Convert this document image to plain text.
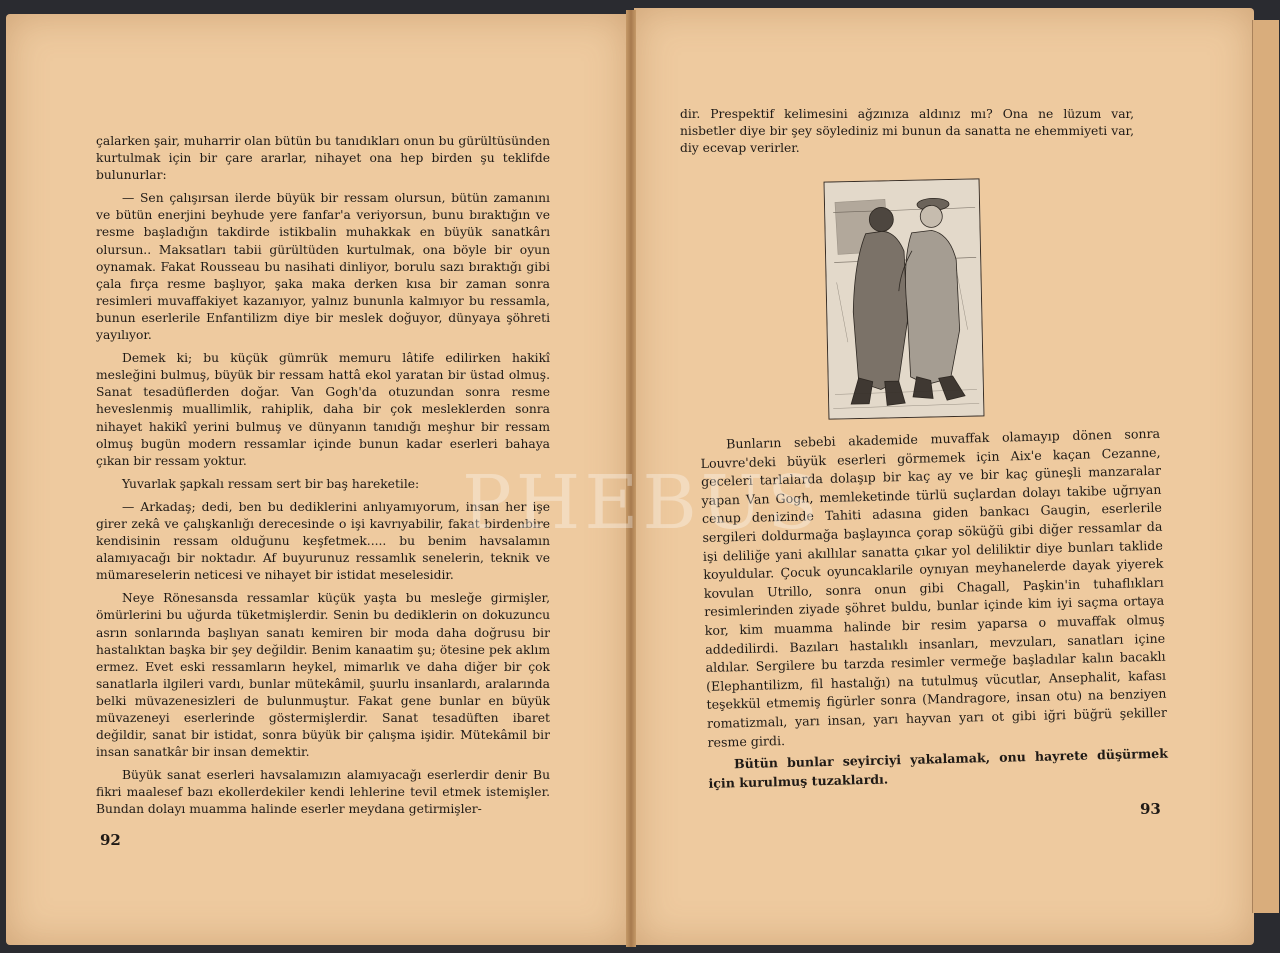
çalarken şair, muharrir olan bütün bu tanıdıkları onun bu gürültüsünden kurtulmak için bir çare ararlar, nihayet ona hep birden şu teklifde bulunurlar:

— Sen çalışırsan ilerde büyük bir ressam olursun, bütün zamanını ve bütün enerjini beyhude yere fanfar'a veriyorsun, bunu bıraktığın ve resme başladığın takdirde istikbalin muhakkak en büyük sanatkârı olursun.. Maksatları tabii gürültüden kurtulmak, ona böyle bir oyun oynamak. Fakat Rousseau bu nasihati dinliyor, borulu sazı bıraktığı gibi çala fırça resme başlıyor, şaka maka derken kısa bir zaman sonra resimleri muvaffakiyet kazanıyor, yalnız bununla kalmıyor bu ressamla, bunun eserlerile Enfantilizm diye bir meslek doğuyor, dünyaya şöhreti yayılıyor.

Demek ki; bu küçük gümrük memuru lâtife edilirken hakikî mesleğini bulmuş, büyük bir ressam hattâ ekol yaratan bir üstad olmuş. Sanat tesadüflerden doğar. Van Gogh'da otuzundan sonra resme heveslenmiş muallimlik, rahiplik, daha bir çok mesleklerden sonra nihayet hakikî yerini bulmuş ve dünyanın tanıdığı meşhur bir ressam olmuş bugün modern ressamlar içinde bunun kadar eserleri bahaya çıkan bir ressam yoktur.

Yuvarlak şapkalı ressam sert bir baş hareketile:

— Arkadaş; dedi, ben bu dediklerini anlıyamıyorum, insan her işe girer zekâ ve çalışkanlığı derecesinde o işi kavrıyabilir, fakat birdenbire kendisinin ressam olduğunu keşfetmek..... bu benim havsalamın alamıyacağı bir noktadır. Af buyurunuz ressamlık senelerin, teknik ve mümareselerin neticesi ve nihayet bir istidat meselesidir.

Neye Rönesansda ressamlar küçük yaşta bu mesleğe girmişler, ömürlerini bu uğurda tüketmişlerdir. Senin bu dediklerin on dokuzuncu asrın sonlarında başlıyan sanatı kemiren bir moda daha doğrusu bir hastalıktan başka bir şey değildir. Benim kanaatim şu; ötesine pek aklım ermez. Evet eski ressamların heykel, mimarlık ve daha diğer bir çok sanatlarla ilgileri vardı, bunlar mütekâmil, şuurlu insanlardı, aralarında belki müvazenesizleri de bulunmuştur. Fakat gene bunlar en büyük müvazeneyi eserlerinde göstermişlerdir. Sanat tesadüften ibaret değildir, sanat bir istidat, sonra büyük bir çalışma işidir. Mütekâmil bir insan sanatkâr bir insan demektir.

Büyük sanat eserleri havsalamızın alamıyacağı eserlerdir denir Bu fikri maalesef bazı ekollerdekiler kendi lehlerine tevil etmek istemişler. Bundan dolayı muamma halinde eserler meydana getirmişler-

92

dir. Prespektif kelimesini ağzınıza aldınız mı? Ona ne lüzum var, nisbetler diye bir şey söylediniz mi bunun da sanatta ne ehemmiyeti var, diy ecevap verirler.

Bunların sebebi akademide muvaffak olamayıp dönen sonra Louvre'deki büyük eserleri görmemek için Aix'e kaçan Cezanne, geceleri tarlalarda dolaşıp bir kaç ay ve bir kaç güneşli manzaralar yapan Van Gogh, memleketinde türlü suçlardan dolayı takibe uğrıyan cenup denizinde Tahiti adasına giden bankacı Gaugin, eserlerile sergileri doldurmağa başlayınca çorap söküğü gibi diğer ressamlar da işi deliliğe yani akıllılar sanatta çıkar yol deliliktir diye bunları taklide koyuldular. Çocuk oyuncaklarile oynıyan meyhanelerde dayak yiyerek kovulan Utrillo, sonra onun gibi Chagall, Paşkin'in tuhaflıkları resimlerinden ziyade şöhret buldu, bunlar içinde kim iyi saçma ortaya kor, kim muamma halinde bir resim yaparsa o muvaffak olmuş addedilirdi. Bazıları hastalıklı insanları, mevzuları, sanatları içine aldılar. Sergilere bu tarzda resimler vermeğe başladılar kalın bacaklı (Elephantilizm, fil hastalığı) na tutulmuş vücutlar, Ansephalit, kafası teşekkül etmemiş figürler sonra (Mandragore, insan otu) na benziyen romatizmalı, yarı insan, yarı hayvan yarı ot gibi iğri büğrü şekiller resme girdi.

Bütün bunlar seyirciyi yakalamak, onu hayrete düşürmek için kurulmuş tuzaklardı.

93
PHEBUS
